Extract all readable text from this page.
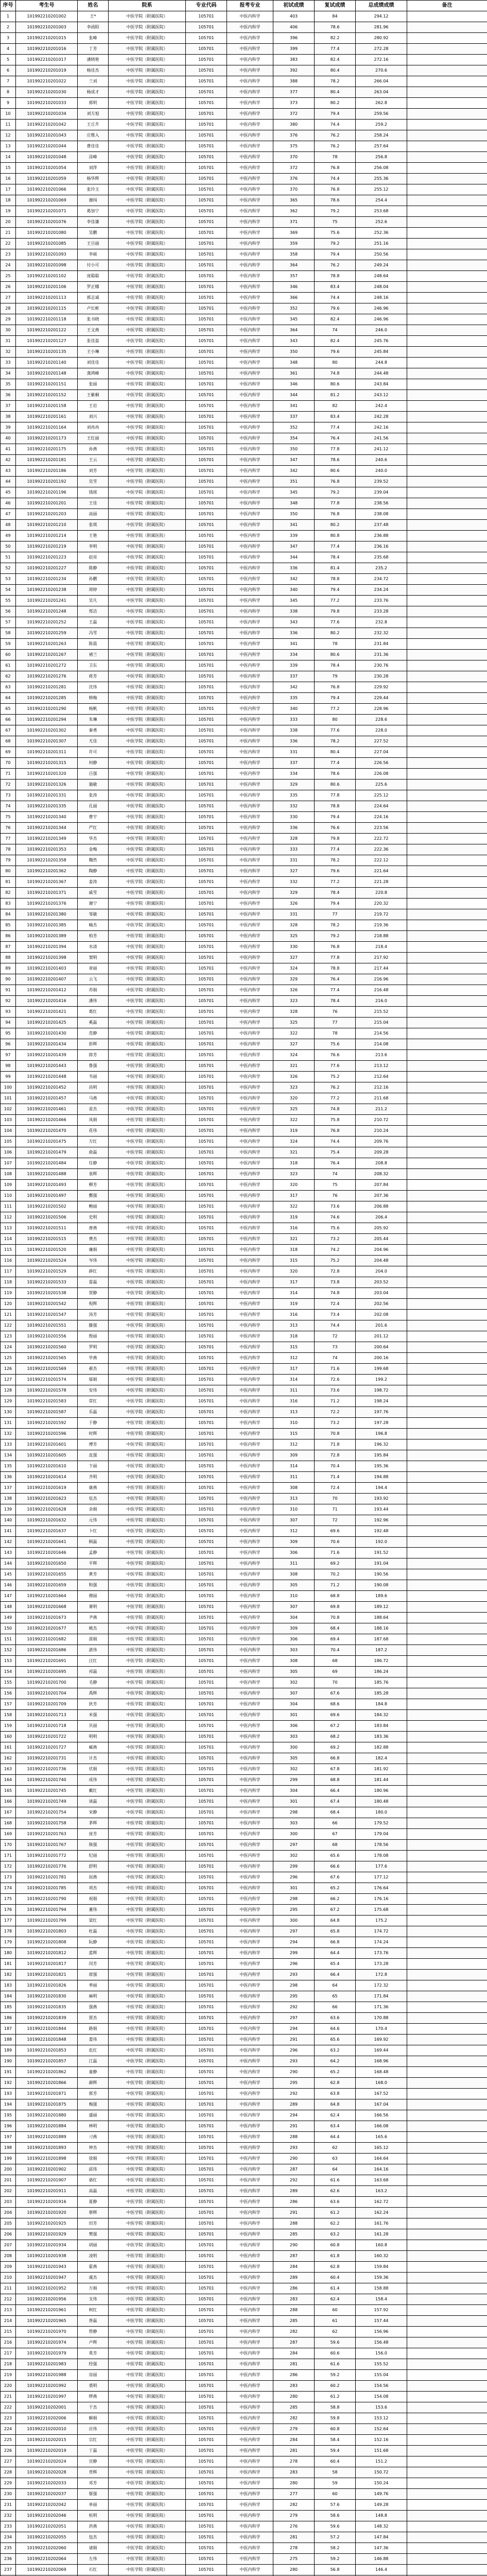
序号	考生号	姓名	院系	专业代码	报考专业	初试成绩	复试成绩	总成绩成绩	备注
1	101992210201002	王*	中医学院（附属医院）	105701	中医内科学	403	84	294.12	
2	101992210201003	李函阳	中医学院（附属医院）	105701	中医内科学	406	78.6	281.96	
3	101992210201015	张峰	中医学院（附属医院）	105701	中医内科学	396	82.2	280.92	
4	101992210201016	丁芳	中医学院（附属医院）	105701	中医内科学	399	77.4	272.28	
5	101992210201017	潘晓艳	中医学院（附属医院）	105701	中医内科学	383	82.4	272.16	
6	101992210201019	杨佳杰	中医学院（附属医院）	105701	中医内科学	392	80.4	270.6	
7	101992210201022	兰刘	中医学院（附属医院）	105701	中医内科学	388	78.2	266.04	
8	101992210201030	杨成才	中医学院（附属医院）	105701	中医内科学	377	80.4	263.04	
9	101992210201033	郭明	中医学院（附属医院）	105701	中医内科学	373	80.2	262.8	
10	101992210201034	刘方旭	中医学院（附属医院）	105701	中医内科学	372	79.4	259.56	
11	101992210201042	王丘升	中医学院（附属医院）	105701	中医内科学	380	74.4	259.2	
12	101992210201043	庄维入	中医学院（附属医院）	105701	中医内科学	376	76.2	258.24	
13	101992210201044	曹佳佳	中医学院（附属医院）	105701	中医内科学	375	76.2	257.64	
14	101992210201048	涂峰	中医学院（附属医院）	105701	中医内科学	370	78	256.8	
15	101992210201054	刘萍	中医学院（附属医院）	105701	中医内科学	372	76.8	256.08	
16	101992210201059	杨华辉	中医学院（附属医院）	105701	中医内科学	376	74.4	255.36	
17	101992210201066	张玲玉	中医学院（附属医院）	105701	中医内科学	370	76.8	255.12	
18	101992210201069	谢闯	中医学院（附属医院）	105701	中医内科学	365	78.6	254.4	
19	101992210201071	葛加宁	中医学院（附属医院）	105701	中医内科学	362	79.2	253.68	
20	101992210201076	李佳谦	中医学院（附属医院）	105701	中医内科学	371	75	252.6	
21	101992210201080	吴鹏	中医学院（附属医院）	105701	中医内科学	369	75.6	252.36	
22	101992210201085	王旦丽	中医学院（附属医院）	105701	中医内科学	359	79.2	251.16	
23	101992210201093	李硕	中医学院（附属医院）	105701	中医内科学	358	79.4	250.56	
24	101992210201098	付小可	中医学院（附属医院）	105701	中医内科学	364	76.2	249.24	
25	101992210201102	庞聪聪	中医学院（附属医院）	105701	中医内科学	357	78.8	248.64	
26	101992210201106	罗正娜	中医学院（附属医院）	105701	中医内科学	346	83.4	248.04	
27	101992210201113	郭志诚	中医学院（附属医院）	105701	中医内科学	366	74.4	248.16	
28	101992210201115	卢长彬	中医学院（附属医院）	105701	中医内科学	352	79.6	246.96	
29	101992210201118	张书晓	中医学院（附属医院）	105701	中医内科学	345	82.4	246.96	
30	101992210201122	王文燕	中医学院（附属医院）	105701	中医内科学	364	74	246.0	
31	101992210201127	张佳盈	中医学院（附属医院）	105701	中医内科学	343	82.4	245.76	
32	101992210201135	王小琳	中医学院（附属医院）	105701	中医内科学	350	79.6	245.84	
33	101992210201140	刘佳佳	中医学院（附属医院）	105701	中医内科学	348	80	244.8	
34	101992210201148	龚鸿峰	中医学院（附属医院）	105701	中医内科学	361	74.8	244.48	
35	101992210201151	张丽	中医学院（附属医院）	105701	中医内科学	346	80.6	243.84	
36	101992210201152	王紫桐	中医学院（附属医院）	105701	中医内科学	344	81.2	243.12	
37	101992210201158	王岩	中医学院（附属医院）	105701	中医内科学	341	82	242.4	
38	101992210201161	刘兴	中医学院（附属医院）	105701	中医内科学	337	83.4	242.28	
39	101992210201164	刘冉冉	中医学院（附属医院）	105701	中医内科学	352	77.4	242.16	
40	101992210201173	王红丽	中医学院（附属医院）	105701	中医内科学	354	76.4	241.56	
41	101992210201175	孙燕	中医学院（附属医院）	105701	中医内科学	350	77.8	241.12	
42	101992210201181	王云	中医学院（附属医院）	105701	中医内科学	347	78.6	240.6	
43	101992210201186	刘芳	中医学院（附属医院）	105701	中医内科学	342	80.6	240.0	
44	101992210201192	吴雪	中医学院（附属医院）	105701	中医内科学	351	76.8	239.52	
45	101992210201196	钱瑶	中医学院（附属医院）	105701	中医内科学	345	79.2	239.04	
46	101992210201201	王佳	中医学院（附属医院）	105701	中医内科学	348	77.8	238.56	
47	101992210201203	高丽	中医学院（附属医院）	105701	中医内科学	350	76.8	238.08	
48	101992210201210	张琪	中医学院（附属医院）	105701	中医内科学	341	80.2	237.48	
49	101992210201214	王艳	中医学院（附属医院）	105701	中医内科学	339	80.8	236.88	
50	101992210201219	李明	中医学院（附属医院）	105701	中医内科学	347	77.4	236.16	
51	101992210201223	赵亮	中医学院（附属医院）	105701	中医内科学	344	78.4	235.68	
52	101992210201227	陈静	中医学院（附属医院）	105701	中医内科学	336	81.4	235.2	
53	101992210201234	孙鹏	中医学院（附属医院）	105701	中医内科学	342	78.8	234.72	
54	101992210201238	周婷	中医学院（附属医院）	105701	中医内科学	340	79.4	234.24	
55	101992210201241	吴凡	中医学院（附属医院）	105701	中医内科学	345	77.2	233.76	
56	101992210201248	郑洁	中医学院（附属医院）	105701	中医内科学	338	79.8	233.28	
57	101992210201252	王磊	中医学院（附属医院）	105701	中医内科学	343	77.6	232.8	
58	101992210201259	冯雪	中医学院（附属医院）	105701	中医内科学	336	80.2	232.32	
59	101992210201263	陈晨	中医学院（附属医院）	105701	中医内科学	341	78	231.84	
60	101992210201267	褚兰	中医学院（附属医院）	105701	中医内科学	334	80.6	231.36	
61	101992210201272	卫东	中医学院（附属医院）	105701	中医内科学	339	78.4	230.76	
62	101992210201276	蒋芳	中医学院（附属医院）	105701	中医内科学	337	79	230.28	
63	101992210201281	沈伟	中医学院（附属医院）	105701	中医内科学	342	76.8	229.92	
64	101992210201285	韩梅	中医学院（附属医院）	105701	中医内科学	335	79.4	229.44	
65	101992210201290	杨帆	中医学院（附属医院）	105701	中医内科学	340	77.2	228.96	
66	101992210201294	朱琳	中医学院（附属医院）	105701	中医内科学	333	80	228.6	
67	101992210201302	秦勇	中医学院（附属医院）	105701	中医内科学	338	77.6	228.0	
68	101992210201307	尤佳	中医学院（附属医院）	105701	中医内科学	336	78.2	227.52	
69	101992210201311	许可	中医学院（附属医院）	105701	中医内科学	331	80.4	227.04	
70	101992210201315	何静	中医学院（附属医院）	105701	中医内科学	337	77.4	226.56	
71	101992210201320	吕强	中医学院（附属医院）	105701	中医内科学	334	78.6	226.08	
72	101992210201326	施敏	中医学院（附属医院）	105701	中医内科学	329	80.6	225.6	
73	101992210201331	张涛	中医学院（附属医院）	105701	中医内科学	335	77.8	225.12	
74	101992210201335	孔丽	中医学院（附属医院）	105701	中医内科学	332	78.8	224.64	
75	101992210201340	曹宇	中医学院（附属医院）	105701	中医内科学	330	79.4	224.16	
76	101992210201344	严红	中医学院（附属医院）	105701	中医内科学	336	76.6	223.56	
77	101992210201349	华杰	中医学院（附属医院）	105701	中医内科学	328	79.8	222.72	
78	101992210201353	金梅	中医学院（附属医院）	105701	中医内科学	333	77.4	222.36	
79	101992210201358	魏然	中医学院（附属医院）	105701	中医内科学	331	78.2	222.12	
80	101992210201362	陶静	中医学院（附属医院）	105701	中医内科学	327	79.6	221.64	
81	101992210201367	姜涛	中医学院（附属医院）	105701	中医内科学	332	77.2	221.28	
82	101992210201371	戚雪	中医学院（附属医院）	105701	中医内科学	329	78.4	220.8	
83	101992210201376	谢宁	中医学院（附属医院）	105701	中医内科学	326	79.4	220.32	
84	101992210201380	邹敏	中医学院（附属医院）	105701	中医内科学	331	77	219.72	
85	101992210201385	喻杰	中医学院（附属医院）	105701	中医内科学	328	78.2	219.36	
86	101992210201389	柏芳	中医学院（附属医院）	105701	中医内科学	325	79.2	218.88	
87	101992210201394	水清	中医学院（附属医院）	105701	中医内科学	330	76.8	218.4	
88	101992210201398	窦明	中医学院（附属医院）	105701	中医内科学	327	77.8	217.92	
89	101992210201403	章丽	中医学院（附属医院）	105701	中医内科学	324	78.8	217.44	
90	101992210201407	云飞	中医学院（附属医院）	105701	中医内科学	329	76.4	216.96	
91	101992210201412	苏娟	中医学院（附属医院）	105701	中医内科学	326	77.4	216.48	
92	101992210201416	潘伟	中医学院（附属医院）	105701	中医内科学	323	78.4	216.0	
93	101992210201421	葛红	中医学院（附属医院）	105701	中医内科学	328	76	215.52	
94	101992210201425	奚磊	中医学院（附属医院）	105701	中医内科学	325	77	215.04	
95	101992210201430	范静	中医学院（附属医院）	105701	中医内科学	322	78	214.56	
96	101992210201434	彭辉	中医学院（附属医院）	105701	中医内科学	327	75.6	214.08	
97	101992210201439	郎芳	中医学院（附属医院）	105701	中医内科学	324	76.6	213.6	
98	101992210201443	鲁强	中医学院（附属医院）	105701	中医内科学	321	77.6	213.12	
99	101992210201448	韦丽	中医学院（附属医院）	105701	中医内科学	326	75.2	212.64	
100	101992210201452	昌明	中医学院（附属医院）	105701	中医内科学	323	76.2	212.16	
101	101992210201457	马燕	中医学院（附属医院）	105701	中医内科学	320	77.2	211.68	
102	101992210201461	苗杰	中医学院（附属医院）	105701	中医内科学	325	74.8	211.2	
103	101992210201466	凤娟	中医学院（附属医院）	105701	中医内科学	322	75.8	210.72	
104	101992210201470	花伟	中医学院（附属医院）	105701	中医内科学	319	76.8	210.24	
105	101992210201475	方红	中医学院（附属医院）	105701	中医内科学	324	74.4	209.76	
106	101992210201479	俞磊	中医学院（附属医院）	105701	中医内科学	321	75.4	209.28	
107	101992210201484	任静	中医学院（附属医院）	105701	中医内科学	318	76.4	208.8	
108	101992210201488	袁辉	中医学院（附属医院）	105701	中医内科学	323	74	208.32	
109	101992210201493	柳芳	中医学院（附属医院）	105701	中医内科学	320	75	207.84	
110	101992210201497	酆强	中医学院（附属医院）	105701	中医内科学	317	76	207.36	
111	101992210201502	鲍丽	中医学院（附属医院）	105701	中医内科学	322	73.6	206.88	
112	101992210201506	史明	中医学院（附属医院）	105701	中医内科学	319	74.6	206.4	
113	101992210201511	唐燕	中医学院（附属医院）	105701	中医内科学	316	75.6	205.92	
114	101992210201515	费杰	中医学院（附属医院）	105701	中医内科学	321	73.2	205.44	
115	101992210201520	廉娟	中医学院（附属医院）	105701	中医内科学	318	74.2	204.96	
116	101992210201524	岑伟	中医学院（附属医院）	105701	中医内科学	315	75.2	204.48	
117	101992210201529	薛红	中医学院（附属医院）	105701	中医内科学	320	72.8	204.0	
118	101992210201533	雷磊	中医学院（附属医院）	105701	中医内科学	317	73.8	203.52	
119	101992210201538	贺静	中医学院（附属医院）	105701	中医内科学	314	74.8	203.04	
120	101992210201542	倪辉	中医学院（附属医院）	105701	中医内科学	319	72.4	202.56	
121	101992210201547	汤芳	中医学院（附属医院）	105701	中医内科学	316	73.4	202.08	
122	101992210201551	滕强	中医学院（附属医院）	105701	中医内科学	313	74.4	201.6	
123	101992210201556	殷丽	中医学院（附属医院）	105701	中医内科学	318	72	201.12	
124	101992210201560	罗明	中医学院（附属医院）	105701	中医内科学	315	73	200.64	
125	101992210201565	毕燕	中医学院（附属医院）	105701	中医内科学	312	74	200.16	
126	101992210201569	郝杰	中医学院（附属医院）	105701	中医内科学	317	71.6	199.68	
127	101992210201574	邬娟	中医学院（附属医院）	105701	中医内科学	314	72.6	199.2	
128	101992210201578	安伟	中医学院（附属医院）	105701	中医内科学	311	73.6	198.72	
129	101992210201583	常红	中医学院（附属医院）	105701	中医内科学	316	71.2	198.24	
130	101992210201587	乐磊	中医学院（附属医院）	105701	中医内科学	313	72.2	197.76	
131	101992210201592	于静	中医学院（附属医院）	105701	中医内科学	310	73.2	197.28	
132	101992210201596	时辉	中医学院（附属医院）	105701	中医内科学	315	70.8	196.8	
133	101992210201601	傅芳	中医学院（附属医院）	105701	中医内科学	312	71.8	196.32	
134	101992210201605	皮强	中医学院（附属医院）	105701	中医内科学	309	72.8	195.84	
135	101992210201610	卞丽	中医学院（附属医院）	105701	中医内科学	314	70.4	195.36	
136	101992210201614	齐明	中医学院（附属医院）	105701	中医内科学	311	71.4	194.88	
137	101992210201619	康燕	中医学院（附属医院）	105701	中医内科学	308	72.4	194.4	
138	101992210201623	伍杰	中医学院（附属医院）	105701	中医内科学	313	70	193.92	
139	101992210201628	余娟	中医学院（附属医院）	105701	中医内科学	310	71	193.44	
140	101992210201632	元伟	中医学院（附属医院）	105701	中医内科学	307	72	192.96	
141	101992210201637	卜红	中医学院（附属医院）	105701	中医内科学	312	69.6	192.48	
142	101992210201641	顾磊	中医学院（附属医院）	105701	中医内科学	309	70.6	192.0	
143	101992210201646	孟静	中医学院（附属医院）	105701	中医内科学	306	71.6	191.52	
144	101992210201650	平辉	中医学院（附属医院）	105701	中医内科学	311	69.2	191.04	
145	101992210201655	黄芳	中医学院（附属医院）	105701	中医内科学	308	70.2	190.56	
146	101992210201659	和强	中医学院（附属医院）	105701	中医内科学	305	71.2	190.08	
147	101992210201664	穆丽	中医学院（附属医院）	105701	中医内科学	310	68.8	189.6	
148	101992210201668	萧明	中医学院（附属医院）	105701	中医内科学	307	69.8	189.12	
149	101992210201673	尹燕	中医学院（附属医院）	105701	中医内科学	304	70.8	188.64	
150	101992210201677	姚杰	中医学院（附属医院）	105701	中医内科学	309	68.4	188.16	
151	101992210201682	邵娟	中医学院（附属医院）	105701	中医内科学	306	69.4	187.68	
152	101992210201686	湛伟	中医学院（附属医院）	105701	中医内科学	303	70.4	187.2	
153	101992210201691	汪红	中医学院（附属医院）	105701	中医内科学	308	68	186.72	
154	101992210201695	祁磊	中医学院（附属医院）	105701	中医内科学	305	69	186.24	
155	101992210201700	毛静	中医学院（附属医院）	105701	中医内科学	302	70	185.76	
156	101992210201704	禹辉	中医学院（附属医院）	105701	中医内科学	307	67.6	185.28	
157	101992210201709	狄芳	中医学院（附属医院）	105701	中医内科学	304	68.6	184.8	
158	101992210201713	米强	中医学院（附属医院）	105701	中医内科学	301	69.6	184.32	
159	101992210201718	贝丽	中医学院（附属医院）	105701	中医内科学	306	67.2	183.84	
160	101992210201722	明明	中医学院（附属医院）	105701	中医内科学	303	68.2	183.36	
161	101992210201727	臧燕	中医学院（附属医院）	105701	中医内科学	300	69.2	182.88	
162	101992210201731	计杰	中医学院（附属医院）	105701	中医内科学	305	66.8	182.4	
163	101992210201736	伏娟	中医学院（附属医院）	105701	中医内科学	302	67.8	181.92	
164	101992210201740	成伟	中医学院（附属医院）	105701	中医内科学	299	68.8	181.44	
165	101992210201745	戴红	中医学院（附属医院）	105701	中医内科学	304	66.4	180.96	
166	101992210201749	谈磊	中医学院（附属医院）	105701	中医内科学	301	67.4	180.48	
167	101992210201754	宋静	中医学院（附属医院）	105701	中医内科学	298	68.4	180.0	
168	101992210201758	茅辉	中医学院（附属医院）	105701	中医内科学	303	66	179.52	
169	101992210201763	庞芳	中医学院（附属医院）	105701	中医内科学	300	67	179.04	
170	101992210201767	熊强	中医学院（附属医院）	105701	中医内科学	297	68	178.56	
171	101992210201772	纪丽	中医学院（附属医院）	105701	中医内科学	302	65.6	178.08	
172	101992210201776	舒明	中医学院（附属医院）	105701	中医内科学	299	66.6	177.6	
173	101992210201781	屈燕	中医学院（附属医院）	105701	中医内科学	296	67.6	177.12	
174	101992210201785	项杰	中医学院（附属医院）	105701	中医内科学	301	65.2	176.64	
175	101992210201790	祝娟	中医学院（附属医院）	105701	中医内科学	298	66.2	176.16	
176	101992210201794	董伟	中医学院（附属医院）	105701	中医内科学	295	67.2	175.68	
177	101992210201799	梁红	中医学院（附属医院）	105701	中医内科学	300	64.8	175.2	
178	101992210201803	杜磊	中医学院（附属医院）	105701	中医内科学	297	65.8	174.72	
179	101992210201808	阮静	中医学院（附属医院）	105701	中医内科学	294	66.8	174.24	
180	101992210201812	蓝辉	中医学院（附属医院）	105701	中医内科学	299	64.4	173.76	
181	101992210201817	闵芳	中医学院（附属医院）	105701	中医内科学	296	65.4	173.28	
182	101992210201821	席强	中医学院（附属医院）	105701	中医内科学	293	66.4	172.8	
183	101992210201826	季丽	中医学院（附属医院）	105701	中医内科学	298	64	172.32	
184	101992210201830	麻明	中医学院（附属医院）	105701	中医内科学	295	65	171.84	
185	101992210201835	强燕	中医学院（附属医院）	105701	中医内科学	292	66	171.36	
186	101992210201839	贾杰	中医学院（附属医院）	105701	中医内科学	297	63.6	170.88	
187	101992210201844	路娟	中医学院（附属医院）	105701	中医内科学	294	64.6	170.4	
188	101992210201848	娄伟	中医学院（附属医院）	105701	中医内科学	291	65.6	169.92	
189	101992210201853	危红	中医学院（附属医院）	105701	中医内科学	296	63.2	169.44	
190	101992210201857	江磊	中医学院（附属医院）	105701	中医内科学	293	64.2	168.96	
191	101992210201862	童静	中医学院（附属医院）	105701	中医内科学	290	65.2	168.48	
192	101992210201866	颜辉	中医学院（附属医院）	105701	中医内科学	295	62.8	168.0	
193	101992210201871	郭芳	中医学院（附属医院）	105701	中医内科学	292	63.8	167.52	
194	101992210201875	梅强	中医学院（附属医院）	105701	中医内科学	289	64.8	167.04	
195	101992210201880	盛丽	中医学院（附属医院）	105701	中医内科学	294	62.4	166.56	
196	101992210201884	林明	中医学院（附属医院）	105701	中医内科学	291	63.4	166.08	
197	101992210201889	刁燕	中医学院（附属医院）	105701	中医内科学	288	64.4	165.6	
198	101992210201893	钟杰	中医学院（附属医院）	105701	中医内科学	293	62	165.12	
199	101992210201898	徐娟	中医学院（附属医院）	105701	中医内科学	290	63	164.64	
200	101992210201902	邱伟	中医学院（附属医院）	105701	中医内科学	287	64	164.16	
201	101992210201907	骆红	中医学院（附属医院）	105701	中医内科学	292	61.6	163.68	
202	101992210201911	高磊	中医学院（附属医院）	105701	中医内科学	289	62.6	163.2	
203	101992210201916	夏静	中医学院（附属医院）	105701	中医内科学	286	63.6	162.72	
204	101992210201920	蔡辉	中医学院（附属医院）	105701	中医内科学	291	61.2	162.24	
205	101992210201925	田芳	中医学院（附属医院）	105701	中医内科学	288	62.2	161.76	
206	101992210201929	樊强	中医学院（附属医院）	105701	中医内科学	285	63.2	161.28	
207	101992210201934	胡丽	中医学院（附属医院）	105701	中医内科学	290	60.8	160.8	
208	101992210201938	凌明	中医学院（附属医院）	105701	中医内科学	287	61.8	160.32	
209	101992210201943	霍燕	中医学院（附属医院）	105701	中医内科学	284	62.8	159.84	
210	101992210201947	虞杰	中医学院（附属医院）	105701	中医内科学	289	60.4	159.36	
211	101992210201952	万娟	中医学院（附属医院）	105701	中医内科学	286	61.4	158.88	
212	101992210201956	支伟	中医学院（附属医院）	105701	中医内科学	283	62.4	158.4	
213	101992210201961	柯红	中医学院（附属医院）	105701	中医内科学	288	60	157.92	
214	101992210201965	昝磊	中医学院（附属医院）	105701	中医内科学	285	61	157.44	
215	101992210201970	管静	中医学院（附属医院）	105701	中医内科学	282	62	156.96	
216	101992210201974	卢辉	中医学院（附属医院）	105701	中医内科学	287	59.6	156.48	
217	101992210201979	莫芳	中医学院（附属医院）	105701	中医内科学	284	60.6	156.0	
218	101992210201983	经强	中医学院（附属医院）	105701	中医内科学	281	61.6	155.52	
219	101992210201988	房丽	中医学院（附属医院）	105701	中医内科学	286	59.2	155.04	
220	101992210201992	裘明	中医学院（附属医院）	105701	中医内科学	283	60.2	154.56	
221	101992210201997	缪燕	中医学院（附属医院）	105701	中医内科学	280	61.2	154.08	
222	101992210202001	干杰	中医学院（附属医院）	105701	中医内科学	285	58.8	153.6	
223	101992210202006	解娟	中医学院（附属医院）	105701	中医内科学	282	59.8	153.12	
224	101992210202010	应伟	中医学院（附属医院）	105701	中医内科学	279	60.8	152.64	
225	101992210202015	宗红	中医学院（附属医院）	105701	中医内科学	284	58.4	152.16	
226	101992210202019	丁磊	中医学院（附属医院）	105701	中医内科学	281	59.4	151.68	
227	101992210202024	宣静	中医学院（附属医院）	105701	中医内科学	278	60.4	151.2	
228	101992210202028	贲辉	中医学院（附属医院）	105701	中医内科学	283	58	150.72	
229	101992210202033	邓芳	中医学院（附属医院）	105701	中医内科学	280	59	150.24	
230	101992210202037	郁强	中医学院（附属医院）	105701	中医内科学	277	60	149.76	
231	101992210202042	单丽	中医学院（附属医院）	105701	中医内科学	282	57.6	149.28	
232	101992210202046	杭明	中医学院（附属医院）	105701	中医内科学	279	58.6	148.8	
233	101992210202051	洪燕	中医学院（附属医院）	105701	中医内科学	276	59.6	148.32	
234	101992210202055	包杰	中医学院（附属医院）	105701	中医内科学	281	57.2	147.84	
235	101992210202060	诸娟	中医学院（附属医院）	105701	中医内科学	278	58.2	147.36	
236	101992210202064	左伟	中医学院（附属医院）	105701	中医内科学	275	59.2	146.88	
237	101992210202069	石红	中医学院（附属医院）	105701	中医内科学	280	56.8	146.4	
